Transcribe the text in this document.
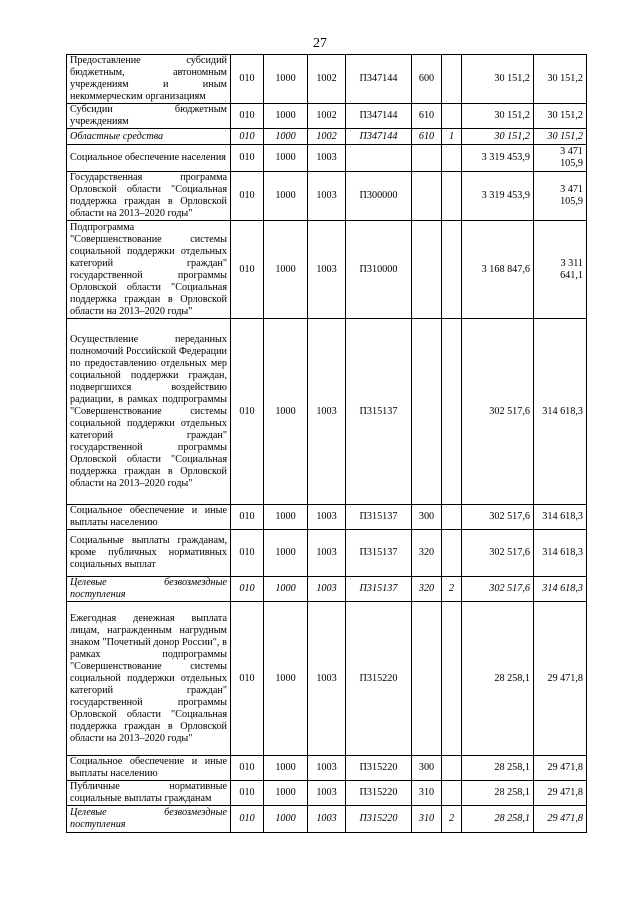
27
Предоставление субсидий бюджетным, автономным учреждениям и иным некоммерческим организациям	010	1000	1002	П347144	600		30 151,2	30 151,2
Субсидии бюджетным учреждениям	010	1000	1002	П347144	610		30 151,2	30 151,2
Областные средства	010	1000	1002	П347144	610	1	30 151,2	30 151,2
Социальное обеспечение населения	010	1000	1003				3 319 453,9	3 471 105,9
Государственная программа Орловской области "Социальная поддержка граждан в Орловской области на 2013–2020 годы"	010	1000	1003	П300000			3 319 453,9	3 471 105,9
Подпрограмма "Совершенствование системы социальной поддержки отдельных категорий граждан" государственной программы Орловской области "Социальная поддержка граждан в Орловской области на 2013–2020 годы"	010	1000	1003	П310000			3 168 847,6	3 311 641,1
Осуществление переданных полномочий Российской Федерации по предоставлению отдельных мер социальной поддержки граждан, подвергшихся воздействию радиации, в рамках подпрограммы "Совершенствование системы социальной поддержки отдельных категорий граждан" государственной программы Орловской области "Социальная поддержка граждан в Орловской области на 2013–2020 годы"	010	1000	1003	П315137			302 517,6	314 618,3
Социальное обеспечение и иные выплаты населению	010	1000	1003	П315137	300		302 517,6	314 618,3
Социальные выплаты гражданам, кроме публичных нормативных социальных выплат	010	1000	1003	П315137	320		302 517,6	314 618,3
Целевые безвозмездные поступления	010	1000	1003	П315137	320	2	302 517,6	314 618,3
Ежегодная денежная выплата лицам, награжденным нагрудным знаком "Почетный донор России", в рамках подпрограммы "Совершенствование системы социальной поддержки отдельных категорий граждан" государственной программы Орловской области "Социальная поддержка граждан в Орловской области на 2013–2020 годы"	010	1000	1003	П315220			28 258,1	29 471,8
Социальное обеспечение и иные выплаты населению	010	1000	1003	П315220	300		28 258,1	29 471,8
Публичные нормативные социальные выплаты гражданам	010	1000	1003	П315220	310		28 258,1	29 471,8
Целевые безвозмездные поступления	010	1000	1003	П315220	310	2	28 258,1	29 471,8
